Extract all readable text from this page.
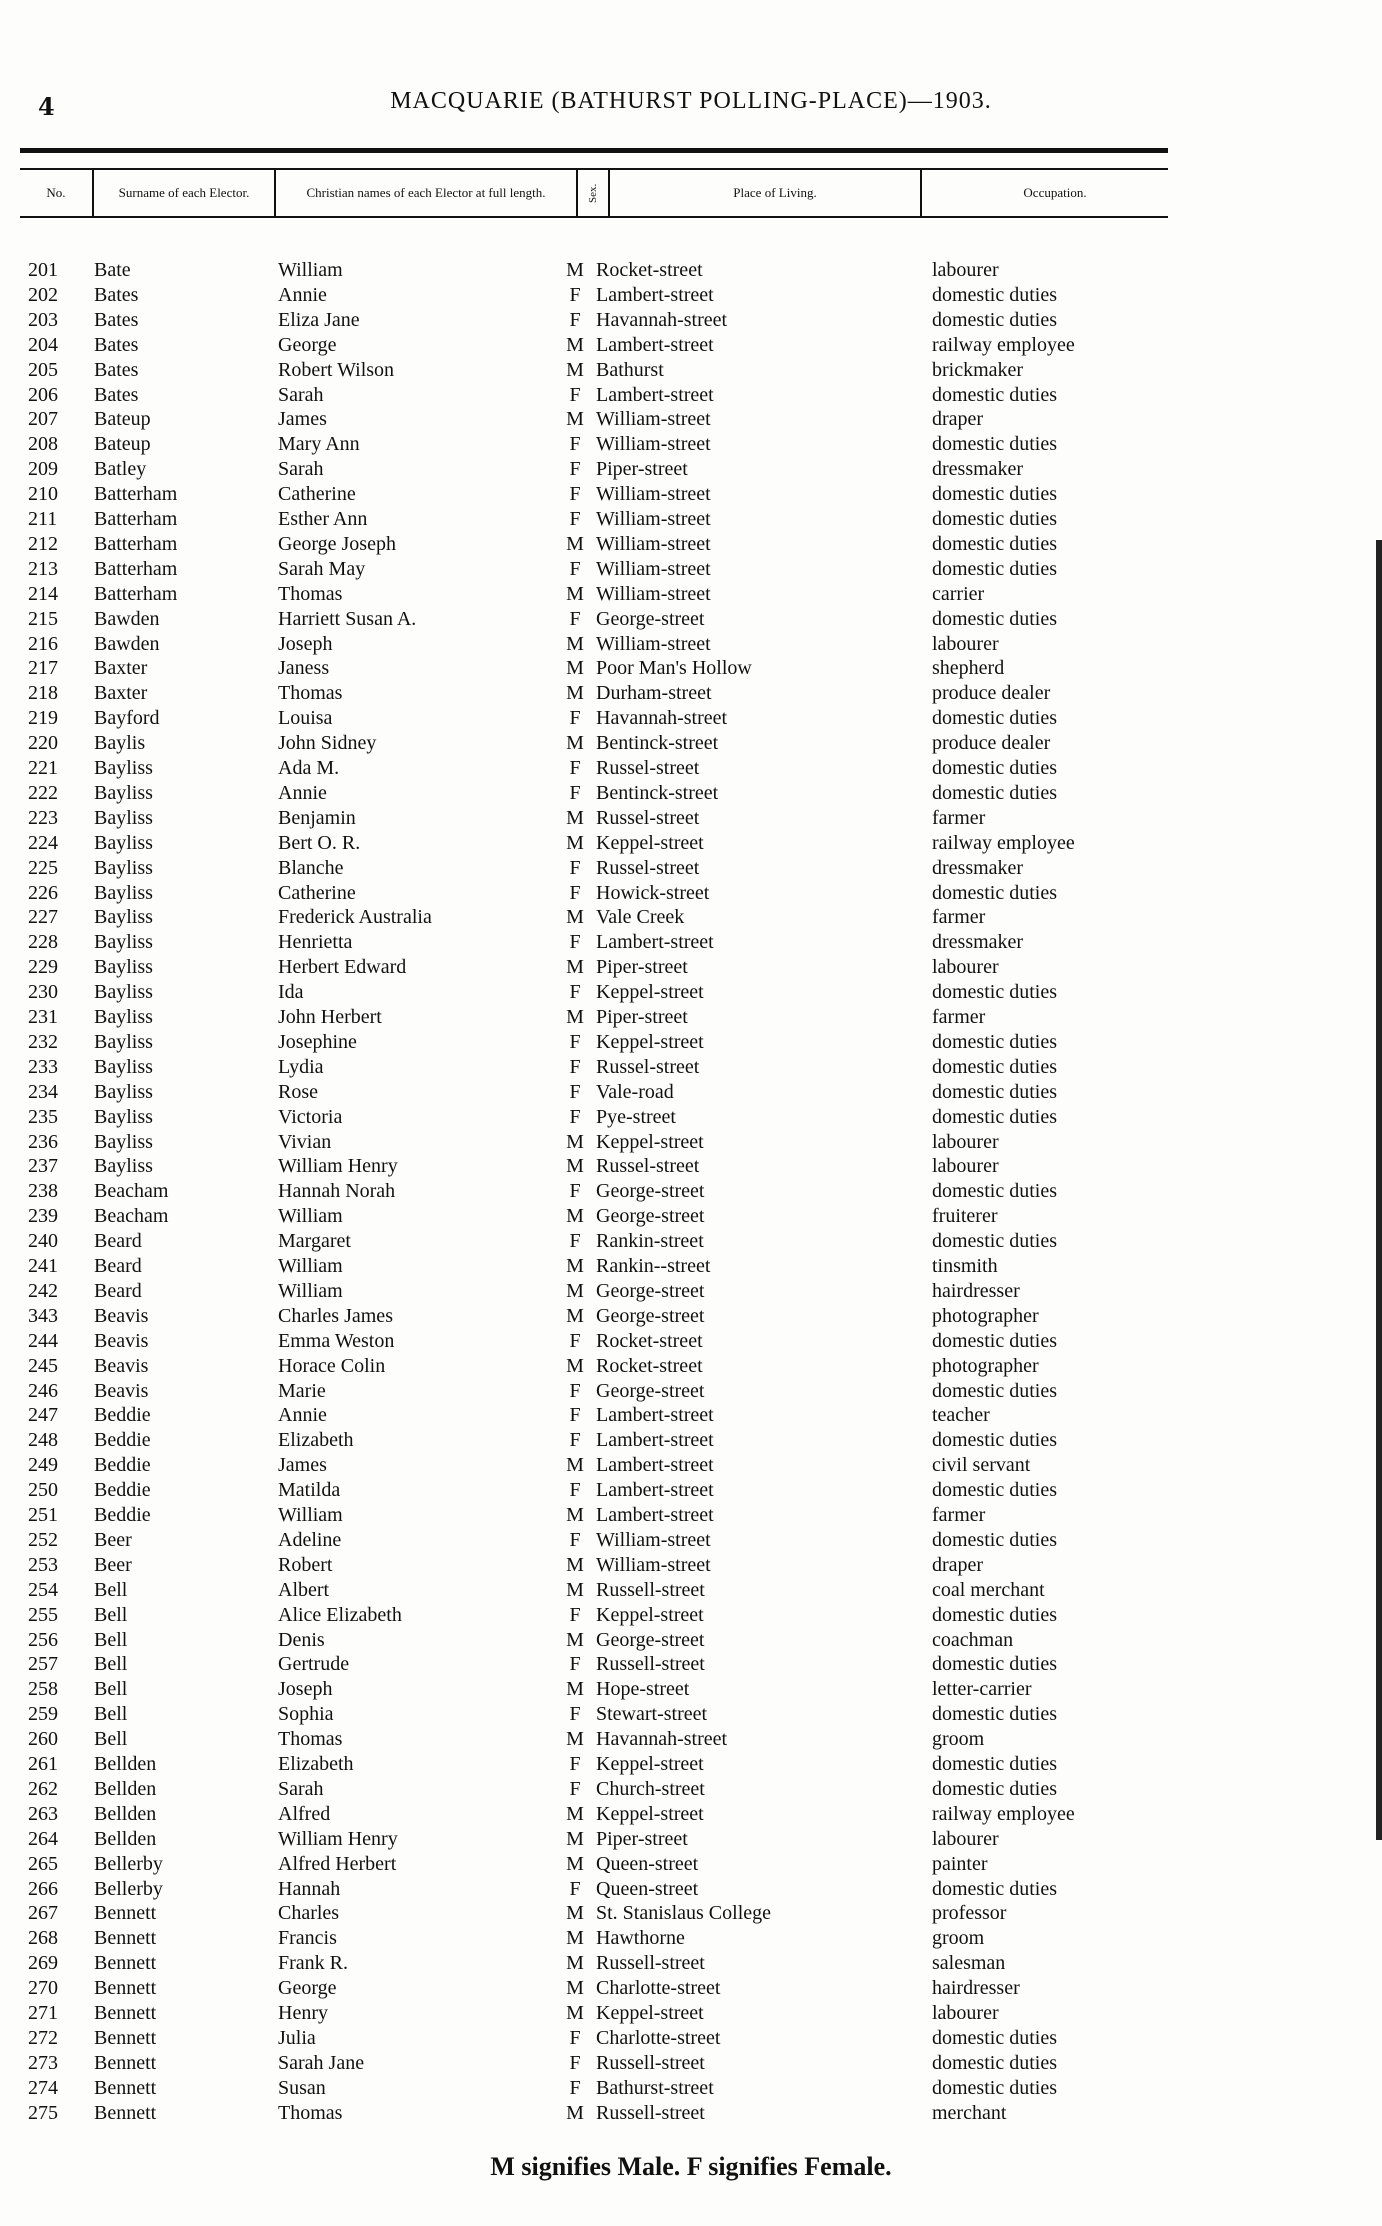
4	MACQUARIE (BATHURST POLLING-PLACE)—1903.
No.	Surname of each Elector.	Christian names of each Elector at full length.	Sex.	Place of Living.	Occupation.
201	Bate	William	M Rocket-street	labourer
202	Bates	Annie	F Lambert-street	domestic duties
203	Bates	Eliza Jane	F Havannah-street	domestic duties
204	Bates	George	M Lambert-street	railway employee
205	Bates	Robert Wilson	M Bathurst	brickmaker
206	Bates	Sarah	F Lambert-street	domestic duties
207	Bateup	James	M William-street	draper
208	Bateup	Mary Ann	F William-street	domestic duties
209	Batley	Sarah	F Piper-street	dressmaker
210	Batterham	Catherine	F William-street	domestic duties
211	Batterham	Esther Ann	F William-street	domestic duties
212	Batterham	George Joseph	M William-street	domestic duties
213	Batterham	Sarah May	F William-street	domestic duties
214	Batterham	Thomas	M William-street	carrier
215	Bawden	Harriett Susan A.	F George-street	domestic duties
216	Bawden	Joseph	M William-street	labourer
217	Baxter	Janess	M Poor Man's Hollow	shepherd
218	Baxter	Thomas	M Durham-street	produce dealer
219	Bayford	Louisa	F Havannah-street	domestic duties
220	Baylis	John Sidney	M Bentinck-street	produce dealer
221	Bayliss	Ada M.	F Russel-street	domestic duties
222	Bayliss	Annie	F Bentinck-street	domestic duties
223	Bayliss	Benjamin	M Russel-street	farmer
224	Bayliss	Bert O. R.	M Keppel-street	railway employee
225	Bayliss	Blanche	F Russel-street	dressmaker
226	Bayliss	Catherine	F Howick-street	domestic duties
227	Bayliss	Frederick Australia	M Vale Creek	farmer
228	Bayliss	Henrietta	F Lambert-street	dressmaker
229	Bayliss	Herbert Edward	M Piper-street	labourer
230	Bayliss	Ida	F Keppel-street	domestic duties
231	Bayliss	John Herbert	M Piper-street	farmer
232	Bayliss	Josephine	F Keppel-street	domestic duties
233	Bayliss	Lydia	F Russel-street	domestic duties
234	Bayliss	Rose	F Vale-road	domestic duties
235	Bayliss	Victoria	F Pye-street	domestic duties
236	Bayliss	Vivian	M Keppel-street	labourer
237	Bayliss	William Henry	M Russel-street	labourer
238	Beacham	Hannah Norah	F George-street	domestic duties
239	Beacham	William	M George-street	fruiterer
240	Beard	Margaret	F Rankin-street	domestic duties
241	Beard	William	M Rankin--street	tinsmith
242	Beard	William	M George-street	hairdresser
343	Beavis	Charles James	M George-street	photographer
244	Beavis	Emma Weston	F Rocket-street	domestic duties
245	Beavis	Horace Colin	M Rocket-street	photographer
246	Beavis	Marie	F George-street	domestic duties
247	Beddie	Annie	F Lambert-street	teacher
248	Beddie	Elizabeth	F Lambert-street	domestic duties
249	Beddie	James	M Lambert-street	civil servant
250	Beddie	Matilda	F Lambert-street	domestic duties
251	Beddie	William	M Lambert-street	farmer
252	Beer	Adeline	F William-street	domestic duties
253	Beer	Robert	M William-street	draper
254	Bell	Albert	M Russell-street	coal merchant
255	Bell	Alice Elizabeth	F Keppel-street	domestic duties
256	Bell	Denis	M George-street	coachman
257	Bell	Gertrude	F Russell-street	domestic duties
258	Bell	Joseph	M Hope-street	letter-carrier
259	Bell	Sophia	F Stewart-street	domestic duties
260	Bell	Thomas	M Havannah-street	groom
261	Bellden	Elizabeth	F Keppel-street	domestic duties
262	Bellden	Sarah	F Church-street	domestic duties
263	Bellden	Alfred	M Keppel-street	railway employee
264	Bellden	William Henry	M Piper-street	labourer
265	Bellerby	Alfred Herbert	M Queen-street	painter
266	Bellerby	Hannah	F Queen-street	domestic duties
267	Bennett	Charles	M St. Stanislaus College	professor
268	Bennett	Francis	M Hawthorne	groom
269	Bennett	Frank R.	M Russell-street	salesman
270	Bennett	George	M Charlotte-street	hairdresser
271	Bennett	Henry	M Keppel-street	labourer
272	Bennett	Julia	F Charlotte-street	domestic duties
273	Bennett	Sarah Jane	F Russell-street	domestic duties
274	Bennett	Susan	F Bathurst-street	domestic duties
275	Bennett	Thomas	M Russell-street	merchant
M signifies Male. F signifies Female.
